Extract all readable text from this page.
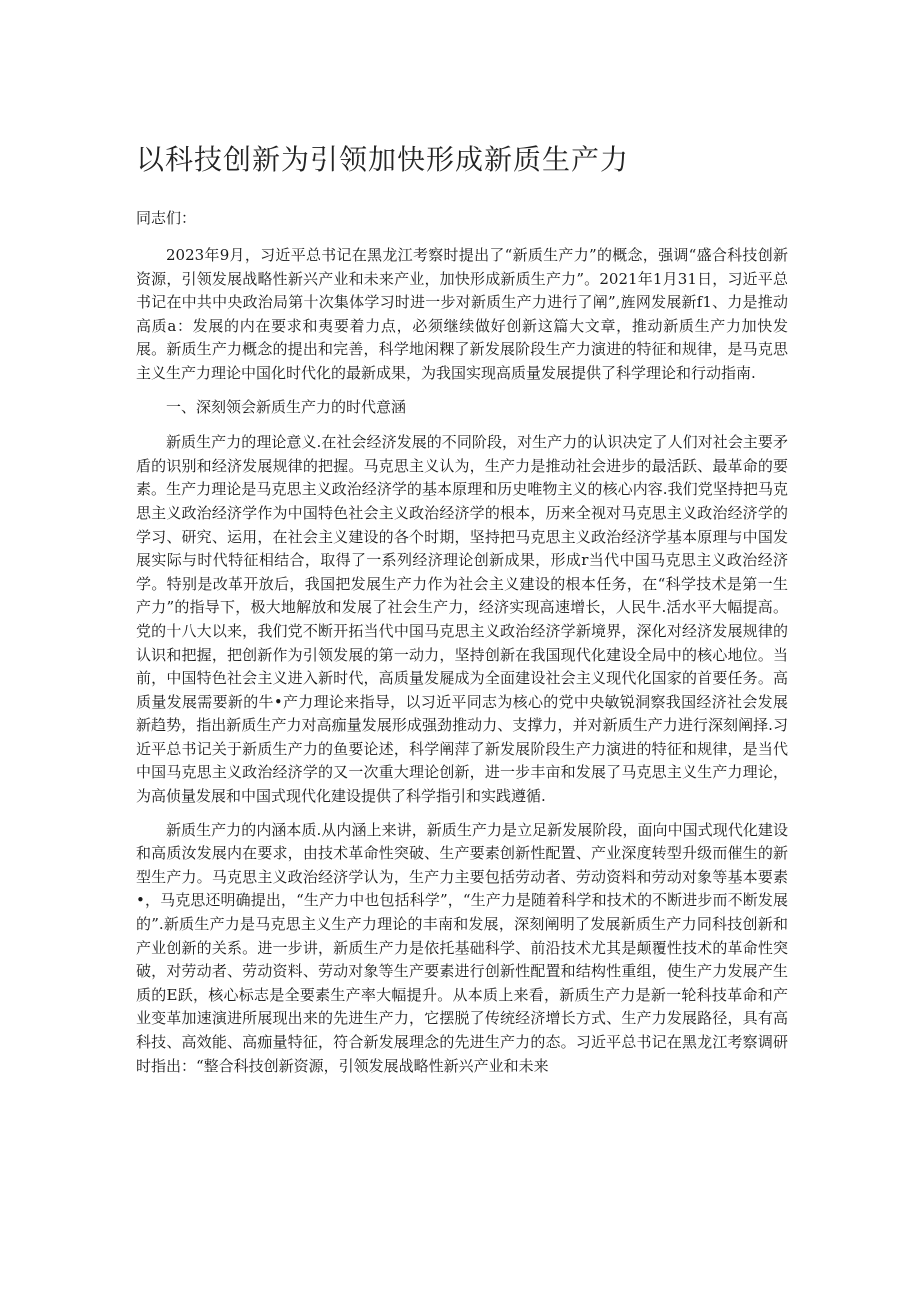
以科技创新为引领加快形成新质生产力
同志们：

2023年9月，习近平总书记在黑龙江考察时提出了“新质生产力”的概念，强调“盛合科技创新资源，引领发展战略性新兴产业和未来产业，加快形成新质生产力”。2021年1月31日，习近平总书记在中共中央政治局第十次集体学习时进一步对新质生产力进行了阐”,旌网发展新f1、力是推动高质a：发展的内在要求和夷要着力点，必须继续做好创新这篇大文章，推动新质生产力加快发展。新质生产力概念的提出和完善，科学地闲粿了新发展阶段生产力演进的特征和规律，是马克思主义生产力理论中国化时代化的最新成果，为我国实现高质量发展提供了科学理论和行动指南.

一、深刻领会新质生产力的时代意涵

新质生产力的理论意义.在社会经济发展的不同阶段，对生产力的认识决定了人们对社会主要矛盾的识别和经济发展规律的把握。马克思主义认为，生产力是推动社会进步的最活跃、最革命的要素。生产力理论是马克思主义政治经济学的基本原理和历史唯物主义的核心内容.我们党坚持把马克思主义政治经济学作为中国特色社会主义政治经济学的根本，历来全视对马克思主义政治经济学的学习、研究、运用，在社会主义建设的各个时期，坚持把马克思主义政治经济学基本原理与中国发展实际与时代特征相结合，取得了一系列经济理论创新成果，形成r当代中国马克思主义政治经济学。特别是改革开放后，我国把发展生产力作为社会主义建设的根本任务，在“科学技术是第一生产力”的指导下，极大地解放和发展了社会生产力，经济实现高速增长，人民牛.活水平大幅提高。党的十八大以来，我们党不断开拓当代中国马克思主义政治经济学新境界，深化对经济发展规律的认识和把握，把创新作为引领发展的第一动力，坚持创新在我国现代化建设全局中的核心地位。当前，中国特色社会主义进入新时代，高质量发屣成为全面建设社会主义现代化国家的首要任务。高质量发展需要新的牛•产力理论来指导，以习近平同志为核心的党中央敏锐洞察我国经济社会发展新趋势，指出新质生产力对高痂量发展形成强劲推动力、支撑力，并对新质生产力进行深刻阐择.习近平总书记关于新质生产力的鱼要论述，科学阐萍了新发展阶段生产力演进的特征和规律，是当代中国马克思主义政治经济学的又一次重大理论创新，进一步丰亩和发展了马克思主义生产力理论，为高侦量发展和中国式现代化建设提供了科学指引和实践遵循.

新质生产力的内涵本质.从内涵上来讲，新质生产力是立足新发展阶段，面向中国式现代化建设和高质汝发展内在要求，由技术革命性突破、生产要素创新性配置、产业深度转型升级而催生的新型生产力。马克思主义政治经济学认为，生产力主要包括劳动者、劳动资料和劳动对象等基本要素•，马克思还明确提出，“生产力中也包括科学”，“生产力是随着科学和技术的不断进步而不断发展的”.新质生产力是马克思主义生产力理论的丰南和发展，深刻阐明了发展新质生产力同科技创新和产业创新的关系。进一步讲，新质生产力是依托基础科学、前沿技术尤其是颠覆性技术的革命性突破，对劳动者、劳动资料、劳动对象等生产要素进行创新性配置和结构性重组，使生产力发展产生质的E跃，核心标志是全要素生产率大幅提升。从本质上来看，新质生产力是新一轮科技革命和产业变革加速演进所展现出来的先进生产力，它摆脱了传统经济增长方式、生产力发展路径，具有高科技、高效能、高痂量特征，符合新发展理念的先进生产力的态。习近平总书记在黑龙江考察调研时指出：“整合科技创新资源，引领发展战略性新兴产业和未来
